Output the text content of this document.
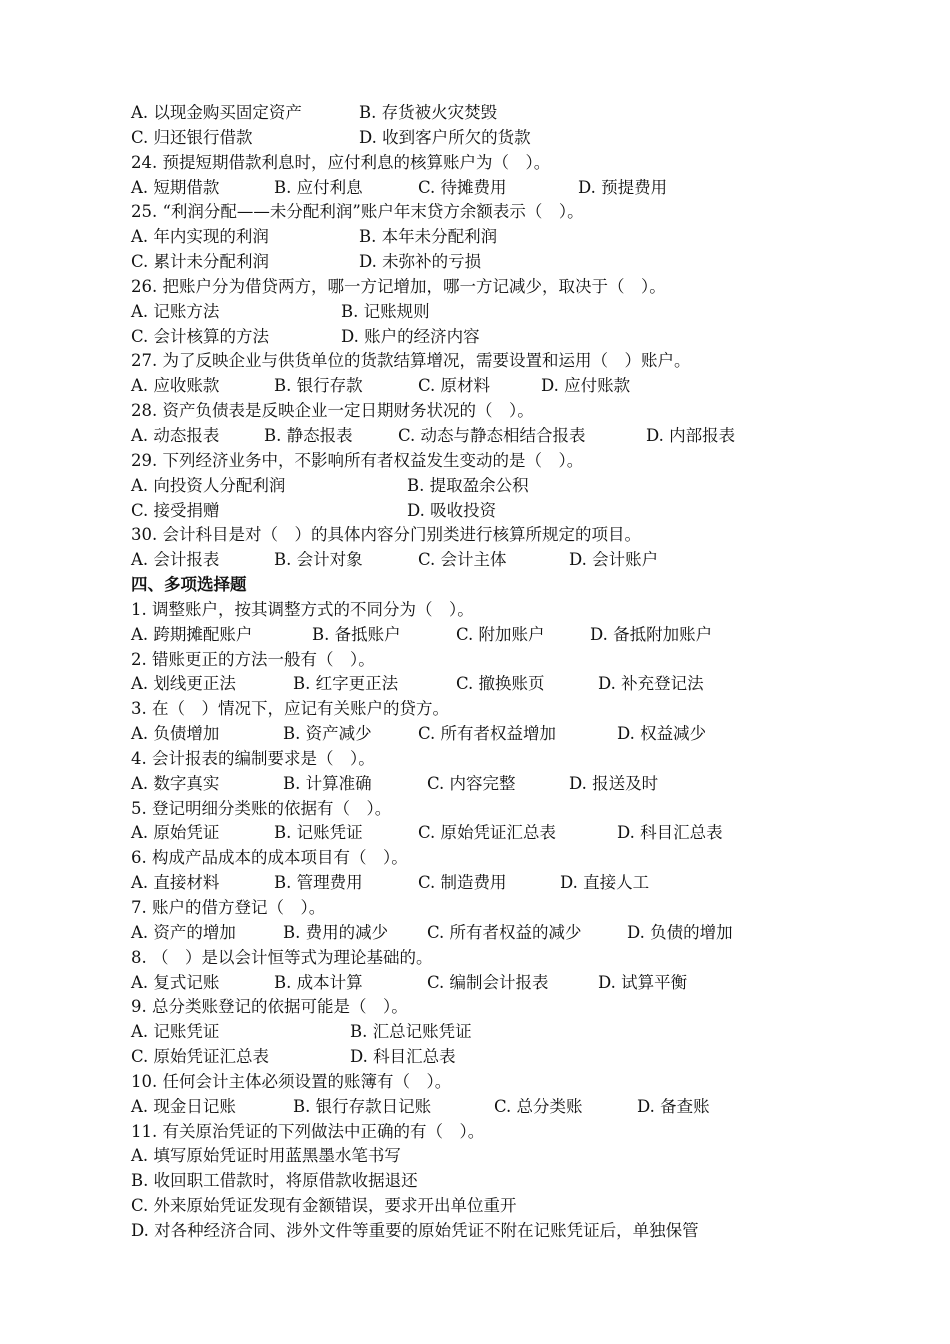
A. 以现金购买固定资产	B. 存货被火灾焚毁
C. 归还银行借款	D. 收到客户所欠的货款
24. 预提短期借款利息时，应付利息的核算账户为（　）。
A. 短期借款	B. 应付利息	C. 待摊费用	D. 预提费用
25. “利润分配——未分配利润”账户年末贷方余额表示（　）。
A. 年内实现的利润	B. 本年未分配利润
C. 累计未分配利润	D. 未弥补的亏损
26. 把账户分为借贷两方，哪一方记增加，哪一方记减少，取决于（　）。
A. 记账方法	B. 记账规则
C. 会计核算的方法	D. 账户的经济内容
27. 为了反映企业与供货单位的货款结算增况，需要设置和运用（　）账户。
A. 应收账款	B. 银行存款	C. 原材料	D. 应付账款
28. 资产负债表是反映企业一定日期财务状况的（　）。
A. 动态报表	B. 静态报表	C. 动态与静态相结合报表	D. 内部报表
29. 下列经济业务中，不影响所有者权益发生变动的是（　）。
A. 向投资人分配利润	B. 提取盈余公积
C. 接受捐赠	D. 吸收投资
30. 会计科目是对（　）的具体内容分门别类进行核算所规定的项目。
A. 会计报表	B. 会计对象	C. 会计主体	D. 会计账户
四、多项选择题
1. 调整账户，按其调整方式的不同分为（　）。
A. 跨期摊配账户	B. 备抵账户	C. 附加账户	D. 备抵附加账户
2. 错账更正的方法一般有（　）。
A. 划线更正法	B. 红字更正法	C. 撤换账页	D. 补充登记法
3. 在（　）情况下，应记有关账户的贷方。
A. 负债增加	B. 资产减少	C. 所有者权益增加	D. 权益减少
4. 会计报表的编制要求是（　）。
A. 数字真实	B. 计算准确	C. 内容完整	D. 报送及时
5. 登记明细分类账的依据有（　）。
A. 原始凭证	B. 记账凭证	C. 原始凭证汇总表	D. 科目汇总表
6. 构成产品成本的成本项目有（　）。
A. 直接材料	B. 管理费用	C. 制造费用	D. 直接人工
7. 账户的借方登记（　）。
A. 资产的增加	B. 费用的减少 C. 所有者权益的减少	D. 负债的增加
8. （　）是以会计恒等式为理论基础的。
A. 复式记账	B. 成本计算	C. 编制会计报表	D. 试算平衡
9. 总分类账登记的依据可能是（　）。
A. 记账凭证	B. 汇总记账凭证
C. 原始凭证汇总表	D. 科目汇总表
10. 任何会计主体必须设置的账簿有（　）。
A. 现金日记账	B. 银行存款日记账	C. 总分类账	D. 备查账
11. 有关原治凭证的下列做法中正确的有（　）。
A. 填写原始凭证时用蓝黑墨水笔书写
B. 收回职工借款时，将原借款收据退还
C. 外来原始凭证发现有金额错误，要求开出单位重开
D. 对各种经济合同、涉外文件等重要的原始凭证不附在记账凭证后，单独保管
